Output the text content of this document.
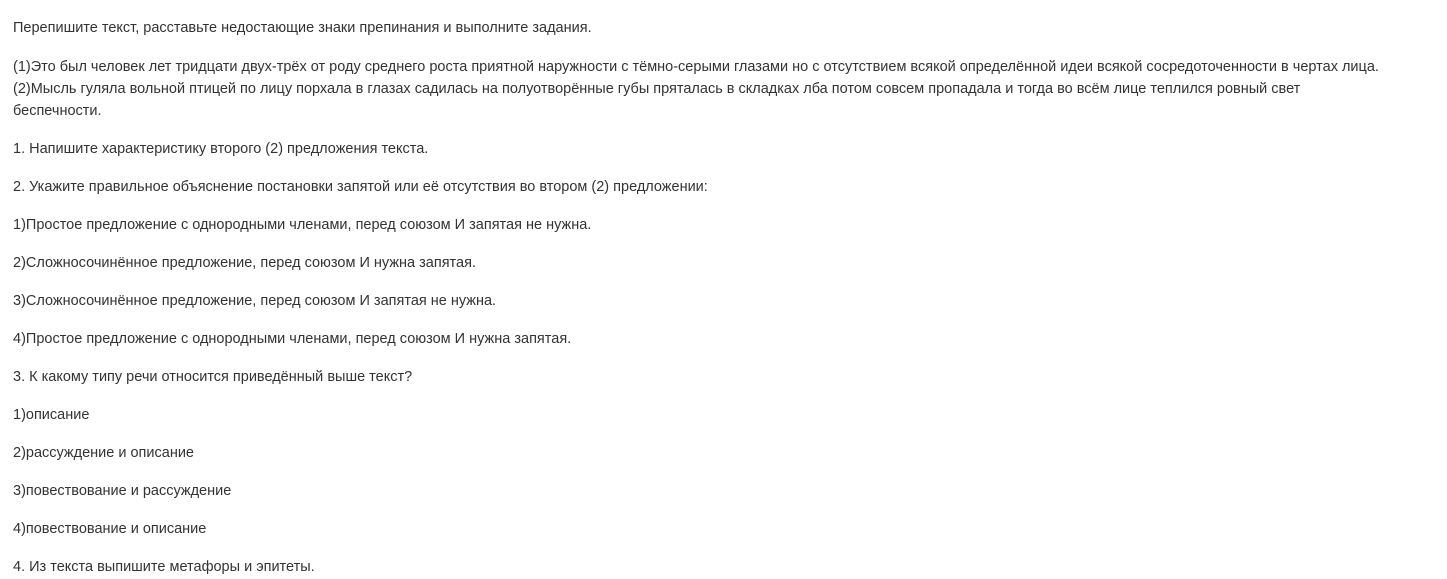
Перепишите текст, расставьте недостающие знаки препинания и выполните задания.
(1)Это был человек лет тридцати двух-трёх от роду среднего роста приятной наружности с тёмно-серыми глазами но с отсутствием всякой определённой идеи всякой сосредоточенности в чертах лица.
(2)Мысль гуляла вольной птицей по лицу порхала в глазах садилась на полуотворённые губы пряталась в складках лба потом совсем пропадала и тогда во всём лице теплился ровный свет
беспечности.
1. Напишите характеристику второго (2) предложения текста.
2. Укажите правильное объяснение постановки запятой или её отсутствия во втором (2) предложении:
1)Простое предложение с однородными членами, перед союзом И запятая не нужна.
2)Сложносочинённое предложение, перед союзом И нужна запятая.
3)Сложносочинённое предложение, перед союзом И запятая не нужна.
4)Простое предложение с однородными членами, перед союзом И нужна запятая.
3. К какому типу речи относится приведённый выше текст?
1)описание
2)рассуждение и описание
3)повествование и рассуждение
4)повествование и описание
4. Из текста выпишите метафоры и эпитеты.
